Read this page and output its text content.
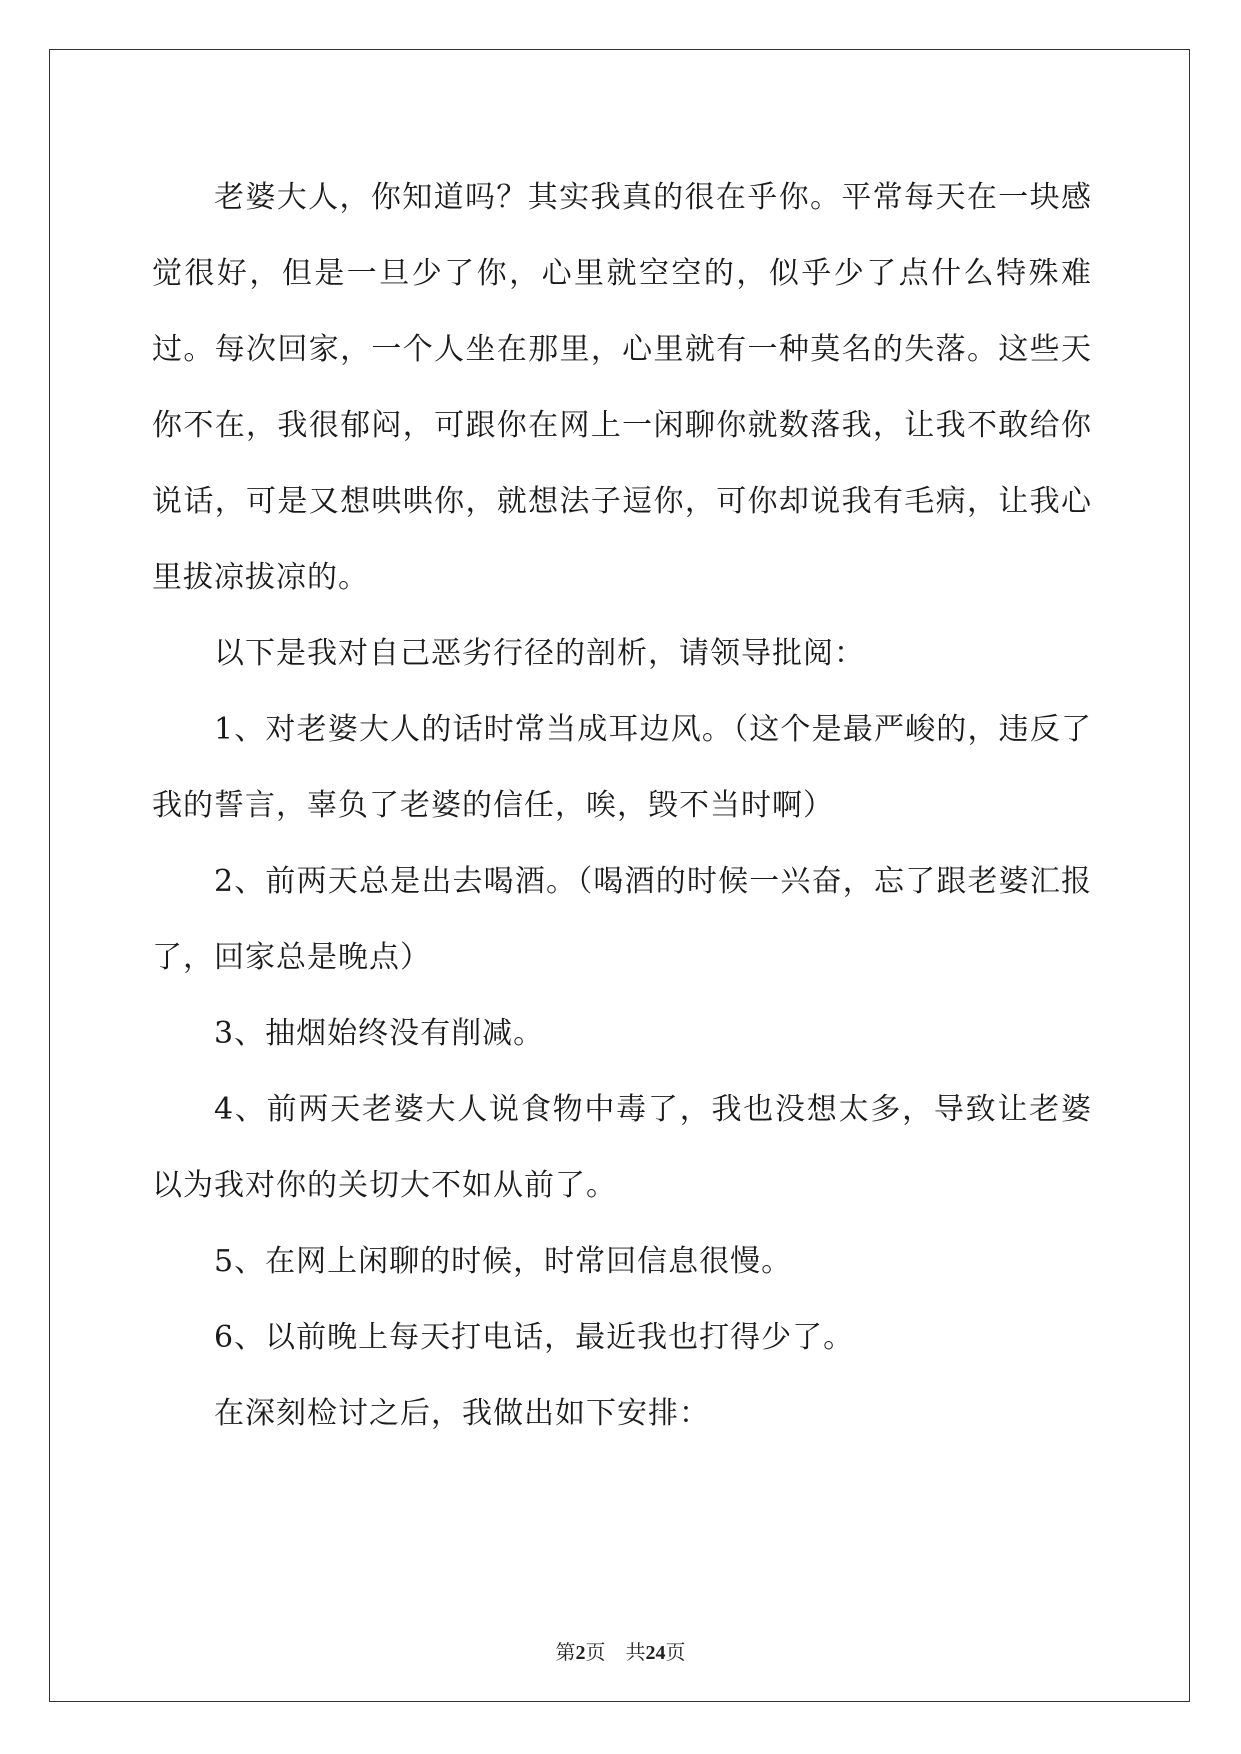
老婆大人，你知道吗？其实我真的很在乎你。平常每天在一块感觉很好，但是一旦少了你，心里就空空的，似乎少了点什么特殊难过。每次回家，一个人坐在那里，心里就有一种莫名的失落。这些天你不在，我很郁闷，可跟你在网上一闲聊你就数落我，让我不敢给你说话，可是又想哄哄你，就想法子逗你，可你却说我有毛病，让我心里拔凉拔凉的。

以下是我对自己恶劣行径的剖析，请领导批阅：

1、对老婆大人的话时常当成耳边风。（这个是最严峻的，违反了我的誓言，辜负了老婆的信任，唉，毁不当时啊）

2、前两天总是出去喝酒。（喝酒的时候一兴奋，忘了跟老婆汇报了，回家总是晚点）

3、抽烟始终没有削减。

4、前两天老婆大人说食物中毒了，我也没想太多，导致让老婆以为我对你的关切大不如从前了。

5、在网上闲聊的时候，时常回信息很慢。

6、以前晚上每天打电话，最近我也打得少了。

在深刻检讨之后，我做出如下安排：

第2页 共24页
